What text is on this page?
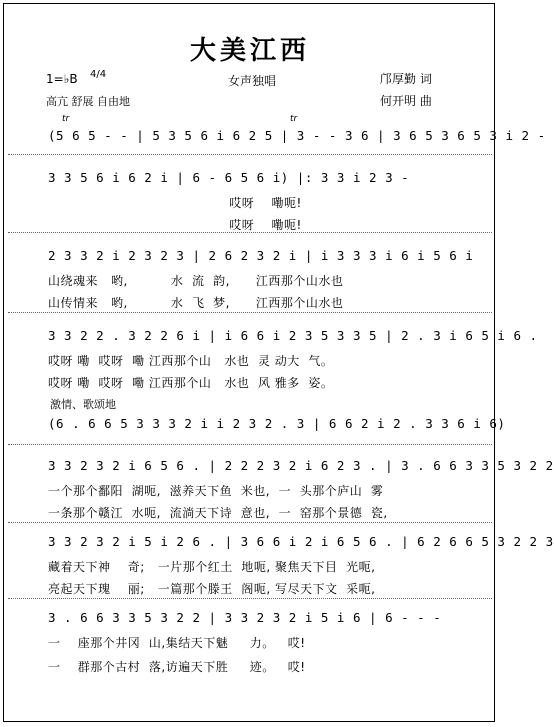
大美江西
1=♭B 4/4	女声独唱	邝厚勤 词
高亢 舒展 自由地	何开明 曲
tr	tr
(5 6 5 - - | 5 3 5 6 i 6 2 5 | 3 - - 3 6 | 3 6 5 3 6 5 3 i 2 -
3 3 5 6 i 6 2 i | 6 - 6 5 6 i) |: 3 3 i 2 3 -
哎呀    嘞呃!
哎呀    嘞呃!
2 3 3 2 i 2 3 2 3 | 2 6 2 3 2 i | i 3 3 3 i 6 i 5 6 i
山绕魂来   哟,          水  流  韵,      江西那个山水也
山传情来   哟,          水  飞  梦,      江西那个山水也
3 3 2 2 . 3 2 2 6 i | i 6 6 i 2 3 5 3 3 5 | 2 . 3 i 6 5 i 6 .
哎呀 嘞  哎呀  嘞 江西那个山   水也  灵 动大  气。
哎呀 嘞  哎呀  嘞 江西那个山   水也  风 雅多  姿。
激情、歌颂地
(6 . 6 6 5 3 3 3 2 i i 2 3 2 . 3 | 6 6 2 i 2 . 3 3 6 i 6)
3 3 2 3 2 i 6 5 6 . | 2 2 2 3 2 i 6 2 3 . | 3 . 6 6 3 3 5 3 2 2
一个那个鄱阳  湖呃,  滋养天下鱼  米也,  一  头那个庐山  雾
一条那个赣江  水呃,  流淌天下诗  意也,  一  窑那个景德  瓷,
3 3 2 3 2 i 5 i 2 6 . | 3 6 6 i 2 i 6 5 6 . | 6 2 6 6 5 3 2 2 3
藏着天下神    奇;   一片那个红土  地呃, 聚焦天下目  光呃,
亮起天下瑰    丽;   一篇那个滕王  阁呃, 写尽天下文  采呃,
3 . 6 6 3 3 5 3 2 2 | 3 3 2 3 2 i 5 i 6 | 6 - - -
一    座那个井冈  山,集结天下魅     力。   哎!
一    群那个古村  落,访遍天下胜     迹。   哎!
